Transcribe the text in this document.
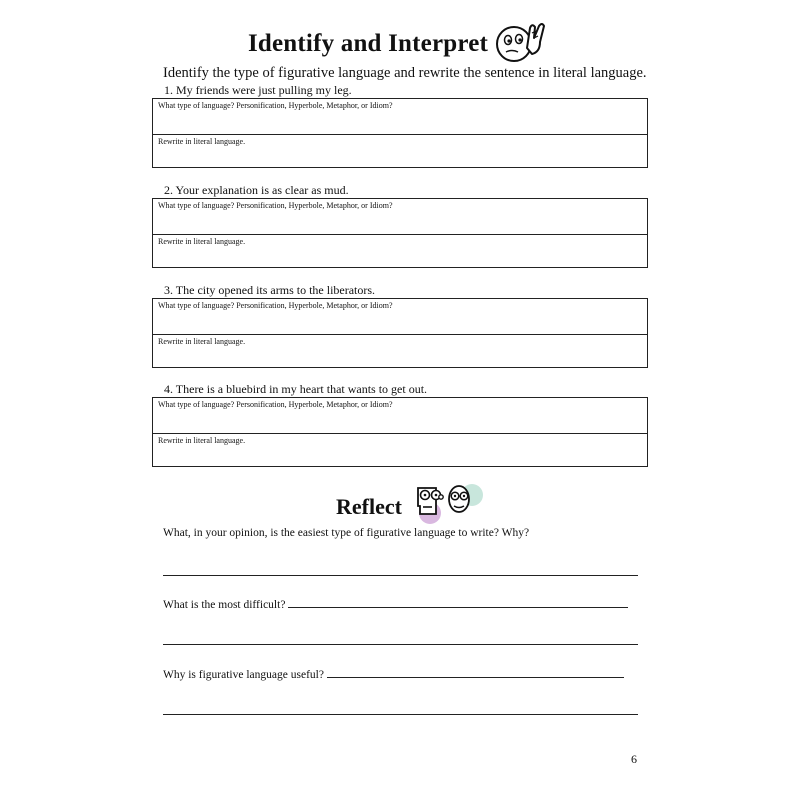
Identify and Interpret
Identify the type of figurative language and rewrite the sentence in literal language.
1. My friends were just pulling my leg.
What type of language? Personification, Hyperbole, Metaphor, or Idiom?
Rewrite in literal language.
2. Your explanation is as clear as mud.
What type of language? Personification, Hyperbole, Metaphor, or Idiom?
Rewrite in literal language.
3. The city opened its arms to the liberators.
What type of language? Personification, Hyperbole, Metaphor, or Idiom?
Rewrite in literal language.
4. There is a bluebird in my heart that wants to get out.
What type of language? Personification, Hyperbole, Metaphor, or Idiom?
Rewrite in literal language.
Reflect
What, in your opinion, is the easiest type of figurative language to write? Why?
What is the most difficult?
Why is figurative language useful?
6
